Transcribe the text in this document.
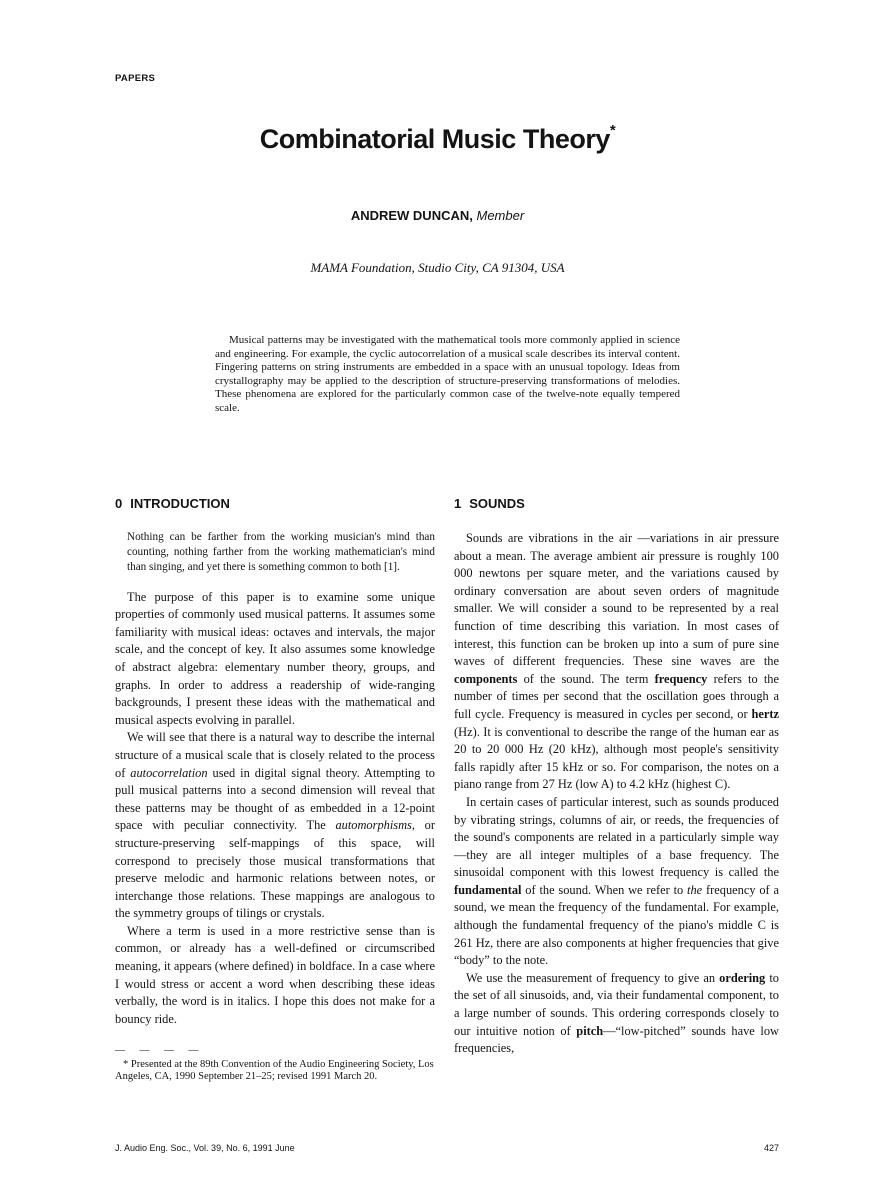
PAPERS
Combinatorial Music Theory*
ANDREW DUNCAN, Member
MAMA Foundation, Studio City, CA 91304, USA
Musical patterns may be investigated with the mathematical tools more commonly applied in science and engineering. For example, the cyclic autocorrelation of a musical scale describes its interval content. Fingering patterns on string instruments are embedded in a space with an unusual topology. Ideas from crystallography may be applied to the description of structure-preserving transformations of melodies. These phenomena are explored for the particularly common case of the twelve-note equally tempered scale.
0 INTRODUCTION

Nothing can be farther from the working musician's mind than counting, nothing farther from the working mathematician's mind than singing, and yet there is something common to both [1].

The purpose of this paper is to examine some unique properties of commonly used musical patterns. It assumes some familiarity with musical ideas: octaves and intervals, the major scale, and the concept of key. It also assumes some knowledge of abstract algebra: elementary number theory, groups, and graphs. In order to address a readership of wide-ranging backgrounds, I present these ideas with the mathematical and musical aspects evolving in parallel.

We will see that there is a natural way to describe the internal structure of a musical scale that is closely related to the process of autocorrelation used in digital signal theory. Attempting to pull musical patterns into a second dimension will reveal that these patterns may be thought of as embedded in a 12-point space with peculiar connectivity. The automorphisms, or structure-preserving self-mappings of this space, will correspond to precisely those musical transformations that preserve melodic and harmonic relations between notes, or interchange those relations. These mappings are analogous to the symmetry groups of tilings or crystals.

Where a term is used in a more restrictive sense than is common, or already has a well-defined or circumscribed meaning, it appears (where defined) in boldface. In a case where I would stress or accent a word when describing these ideas verbally, the word is in italics. I hope this does not make for a bouncy ride.

— — — —

* Presented at the 89th Convention of the Audio Engineering Society, Los Angeles, CA, 1990 September 21–25; revised 1991 March 20.

1 SOUNDS

Sounds are vibrations in the air —variations in air pressure about a mean. The average ambient air pressure is roughly 100 000 newtons per square meter, and the variations caused by ordinary conversation are about seven orders of magnitude smaller. We will consider a sound to be represented by a real function of time describing this variation. In most cases of interest, this function can be broken up into a sum of pure sine waves of different frequencies. These sine waves are the components of the sound. The term frequency refers to the number of times per second that the oscillation goes through a full cycle. Frequency is measured in cycles per second, or hertz (Hz). It is conventional to describe the range of the human ear as 20 to 20 000 Hz (20 kHz), although most people's sensitivity falls rapidly after 15 kHz or so. For comparison, the notes on a piano range from 27 Hz (low A) to 4.2 kHz (highest C).

In certain cases of particular interest, such as sounds produced by vibrating strings, columns of air, or reeds, the frequencies of the sound's components are related in a particularly simple way—they are all integer multiples of a base frequency. The sinusoidal component with this lowest frequency is called the fundamental of the sound. When we refer to the frequency of a sound, we mean the frequency of the fundamental. For example, although the fundamental frequency of the piano's middle C is 261 Hz, there are also components at higher frequencies that give “body” to the note.

We use the measurement of frequency to give an ordering to the set of all sinusoids, and, via their fundamental component, to a large number of sounds. This ordering corresponds closely to our intuitive notion of pitch—“low-pitched” sounds have low frequencies,

J. Audio Eng. Soc., Vol. 39, No. 6, 1991 June	427
